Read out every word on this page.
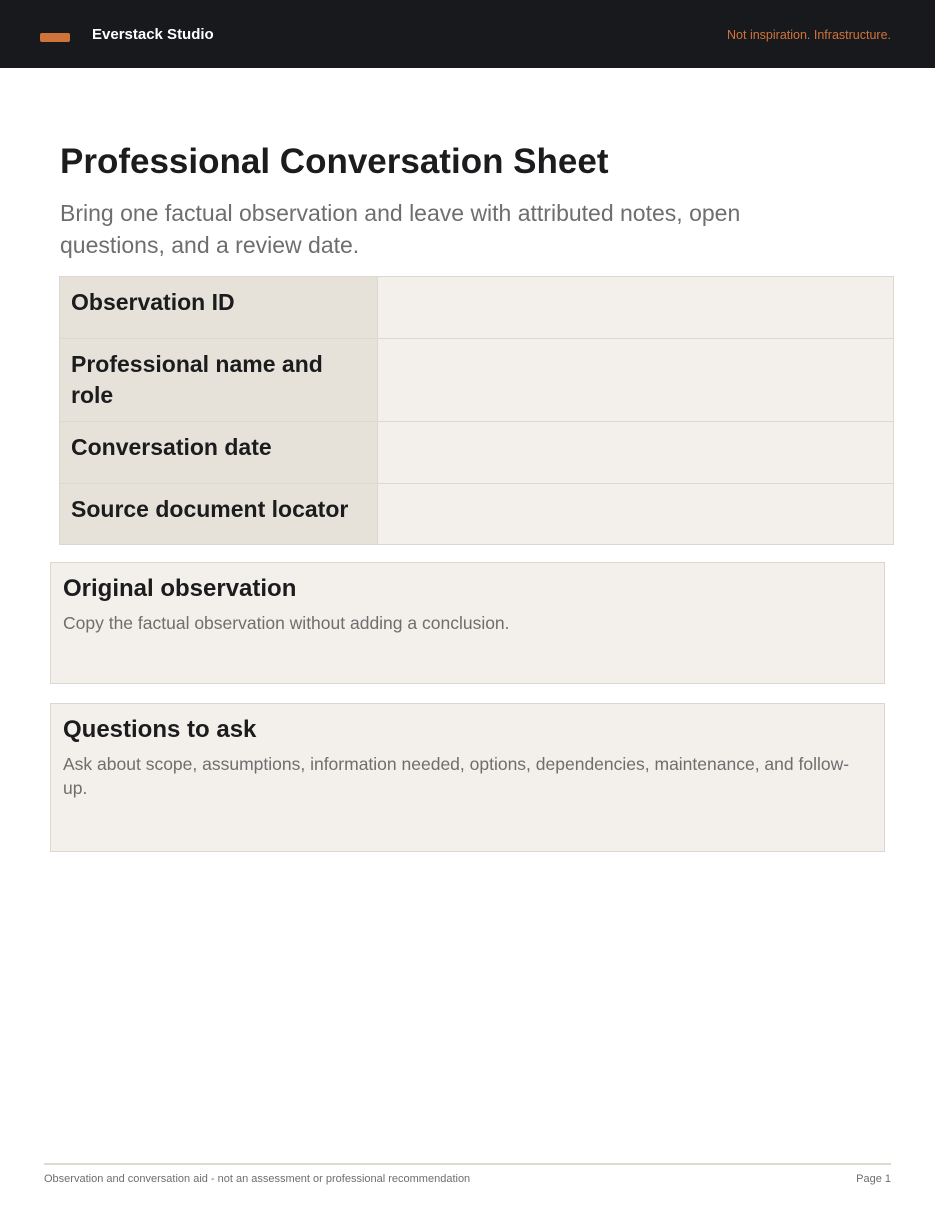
Everstack Studio	Not inspiration. Infrastructure.
Professional Conversation Sheet

Bring one factual observation and leave with attributed notes, open questions, and a review date.

Observation ID	
Professional name and role	
Conversation date	
Source document locator	
Original observation

Copy the factual observation without adding a conclusion.

Questions to ask

Ask about scope, assumptions, information needed, options, dependencies, maintenance, and follow-up.

Observation and conversation aid - not an assessment or professional recommendation	Page 1
